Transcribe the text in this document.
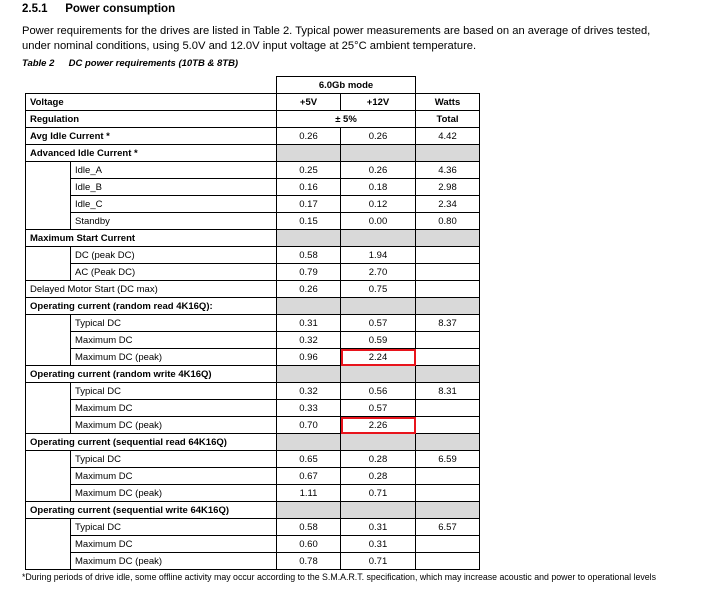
2.5.1 Power consumption
Power requirements for the drives are listed in Table 2. Typical power measurements are based on an average of drives tested, under nominal conditions, using 5.0V and 12.0V input voltage at 25°C ambient temperature.
Table 2 DC power requirements (10TB & 8TB)
		6.0Gb mode		
Voltage		+5V	+12V	Watts
Regulation		± 5%		Total
Avg Idle Current *		0.26	0.26	4.42
Advanced Idle Current *				
	Idle_A	0.25	0.26	4.36
	Idle_B	0.16	0.18	2.98
	Idle_C	0.17	0.12	2.34
	Standby	0.15	0.00	0.80
Maximum Start Current				
	DC (peak DC)	0.58	1.94	
	AC (Peak DC)	0.79	2.70	
Delayed Motor Start (DC max)		0.26	0.75	
Operating current (random read 4K16Q):				
	Typical DC	0.31	0.57	8.37
	Maximum DC	0.32	0.59	
	Maximum DC (peak)	0.96	2.24	
Operating current (random write 4K16Q)				
	Typical DC	0.32	0.56	8.31
	Maximum DC	0.33	0.57	
	Maximum DC (peak)	0.70	2.26	
Operating current (sequential read 64K16Q)				
	Typical DC	0.65	0.28	6.59
	Maximum DC	0.67	0.28	
	Maximum DC (peak)	1.11	0.71	
Operating current (sequential write 64K16Q)				
	Typical DC	0.58	0.31	6.57
	Maximum DC	0.60	0.31	
	Maximum DC (peak)	0.78	0.71	
*During periods of drive idle, some offline activity may occur according to the S.M.A.R.T. specification, which may increase acoustic and power to operational levels
